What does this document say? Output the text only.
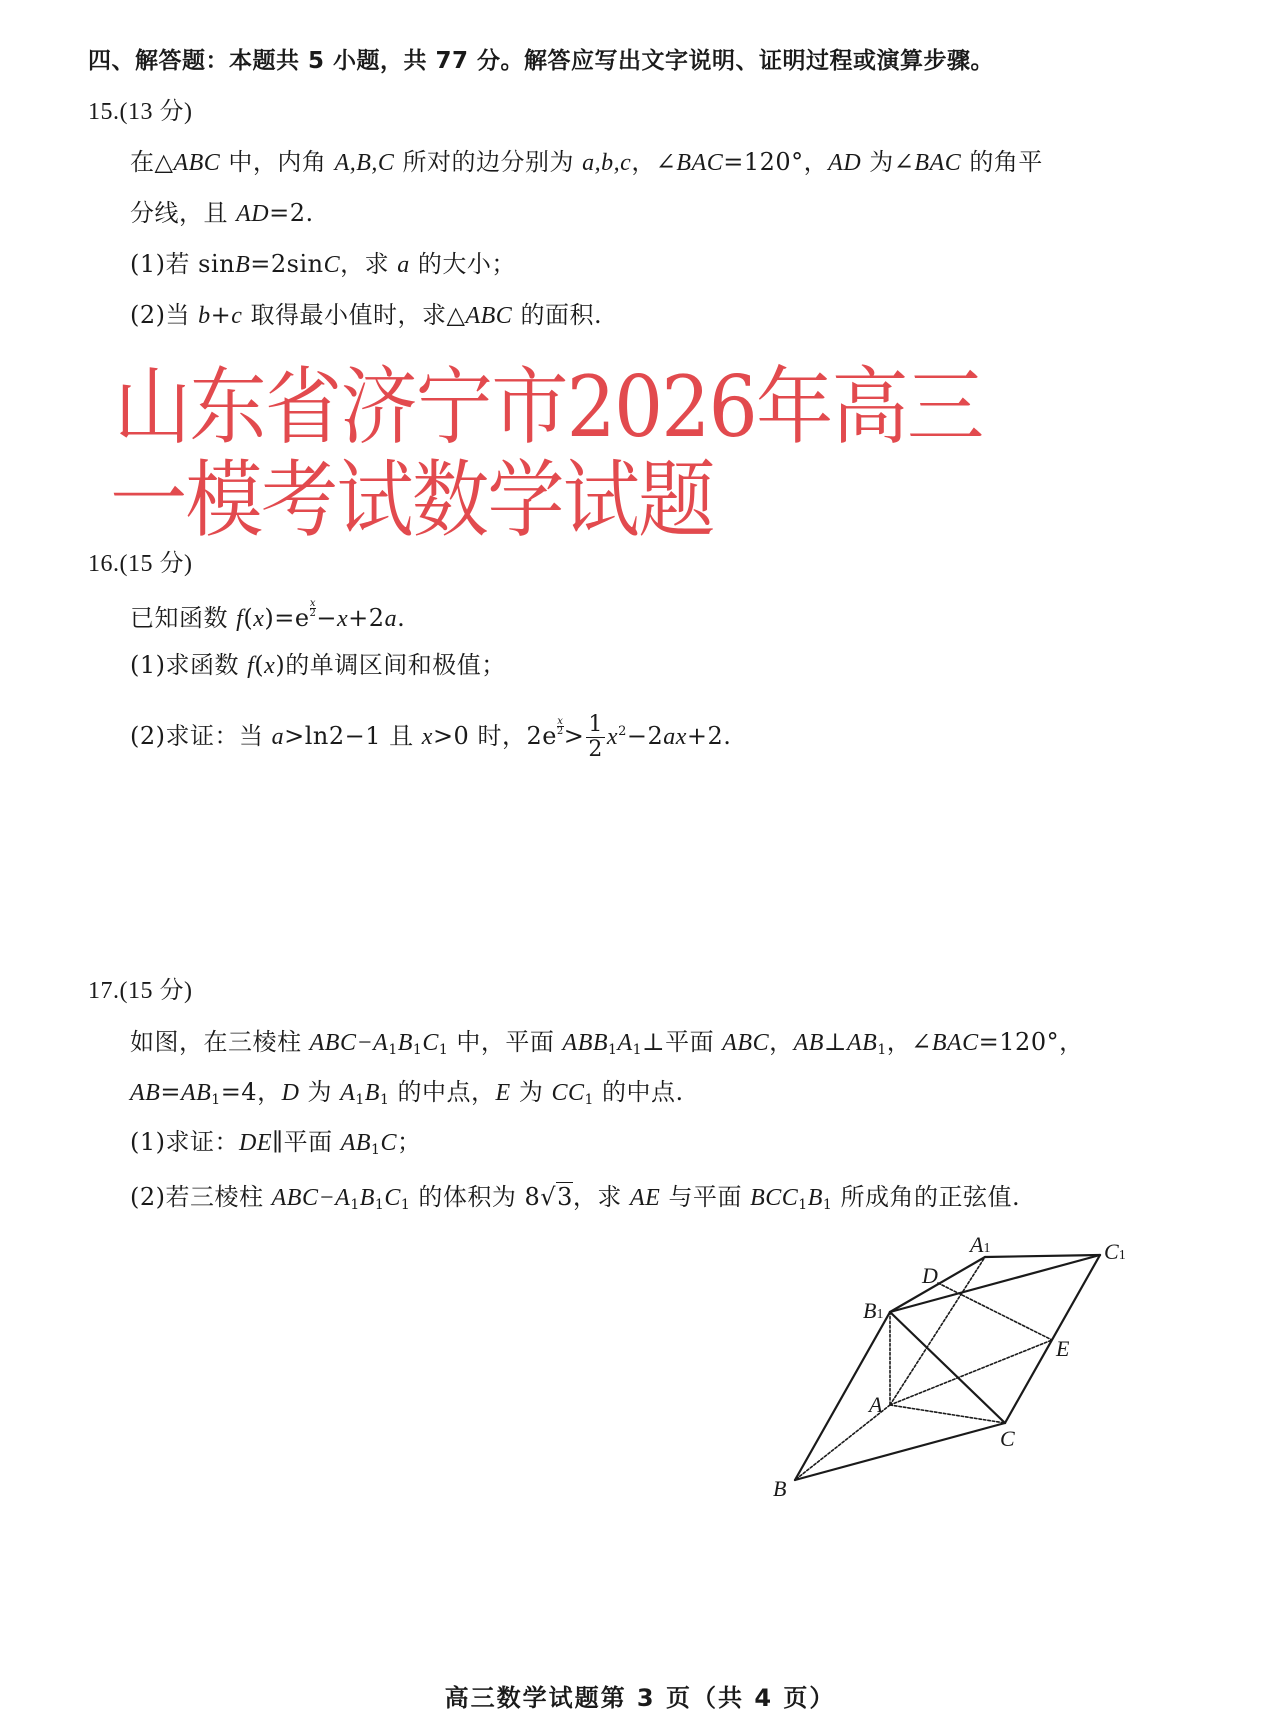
四、解答题：本题共 5 小题，共 77 分。解答应写出文字说明、证明过程或演算步骤。
15.(13 分)
在△ABC 中，内角 A,B,C 所对的边分别为 a,b,c，∠BAC=120°，AD 为∠BAC 的角平
分线，且 AD=2.
(1)若 sinB=2sinC，求 a 的大小；
(2)当 b+c 取得最小值时，求△ABC 的面积.
山东省济宁市2026年高三
一模考试数学试题
16.(15 分)
已知函数 $f(x)=e \frac{x}{2} -x+2a$.
(1)求函数 f(x)的单调区间和极值；
(2)求证：当 a>ln2−1 且 x>0 时，$2e \frac{x}{2} > \frac{1}{2} x^2-2ax+2$.
17.(15 分)
如图，在三棱柱 $ABC-A_1B_1C_1$ 中，平面 $ABB_1A_1\perp$平面 ABC，$AB\perp AB_1$，∠BAC=120°，
$AB=AB_1=4$，D 为 $A_1B_1$ 的中点，E 为 $CC_1$ 的中点.
(1)求证：DE∥平面 $AB_1C$；
(2)若三棱柱 $ABC-A_1B_1C_1$ 的体积为 8√3，求 AE 与平面 $BCC_1B_1$ 所成角的正弦值.
A1	C1
D
B1
E
A
C
B
高三数学试题第 3 页（共 4 页）
